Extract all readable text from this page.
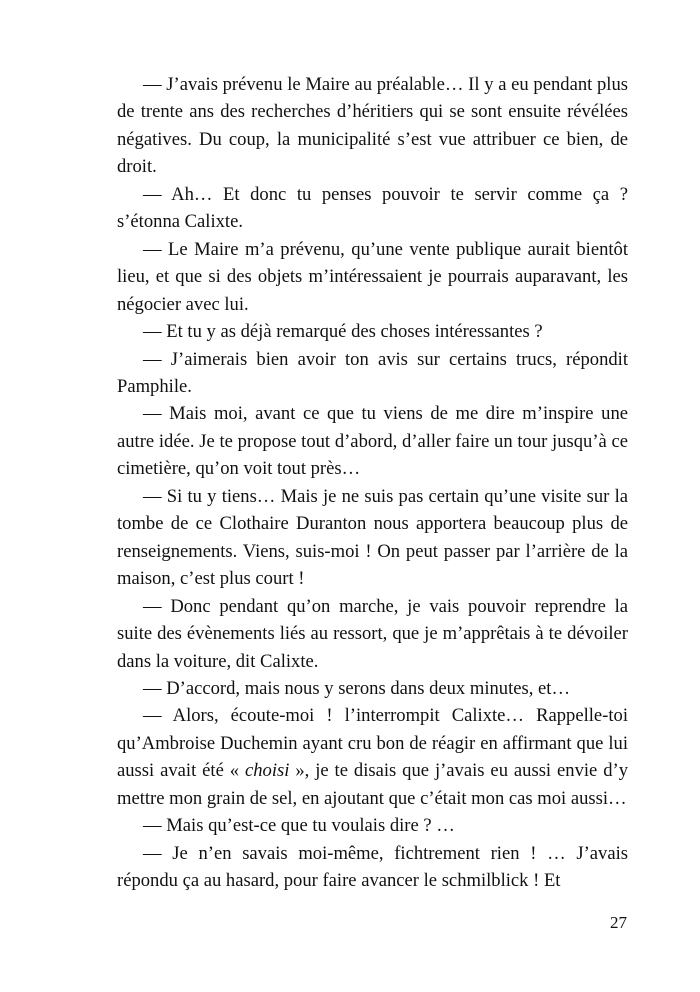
— J’avais prévenu le Maire au préalable… Il y a eu pendant plus de trente ans des recherches d’héritiers qui se sont ensuite révélées négatives. Du coup, la municipalité s’est vue attribuer ce bien, de droit.

— Ah… Et donc tu penses pouvoir te servir comme ça ? s’étonna Calixte.

— Le Maire m’a prévenu, qu’une vente publique aurait bientôt lieu, et que si des objets m’intéressaient je pourrais auparavant, les négocier avec lui.

— Et tu y as déjà remarqué des choses intéressantes ?

— J’aimerais bien avoir ton avis sur certains trucs, répondit Pamphile.

— Mais moi, avant ce que tu viens de me dire m’inspire une autre idée. Je te propose tout d’abord, d’aller faire un tour jusqu’à ce cimetière, qu’on voit tout près…

— Si tu y tiens… Mais je ne suis pas certain qu’une visite sur la tombe de ce Clothaire Duranton nous apportera beaucoup plus de renseignements. Viens, suis-moi ! On peut passer par l’arrière de la maison, c’est plus court !

— Donc pendant qu’on marche, je vais pouvoir reprendre la suite des évènements liés au ressort, que je m’apprêtais à te dévoiler dans la voiture, dit Calixte.

— D’accord, mais nous y serons dans deux minutes, et…

— Alors, écoute-moi ! l’interrompit Calixte… Rappelle-toi qu’Ambroise Duchemin ayant cru bon de réagir en affirmant que lui aussi avait été « choisi », je te disais que j’avais eu aussi envie d’y mettre mon grain de sel, en ajoutant que c’était mon cas moi aussi…

— Mais qu’est-ce que tu voulais dire ? …

— Je n’en savais moi-même, fichtrement rien ! … J’avais répondu ça au hasard, pour faire avancer le schmilblick ! Et

27
